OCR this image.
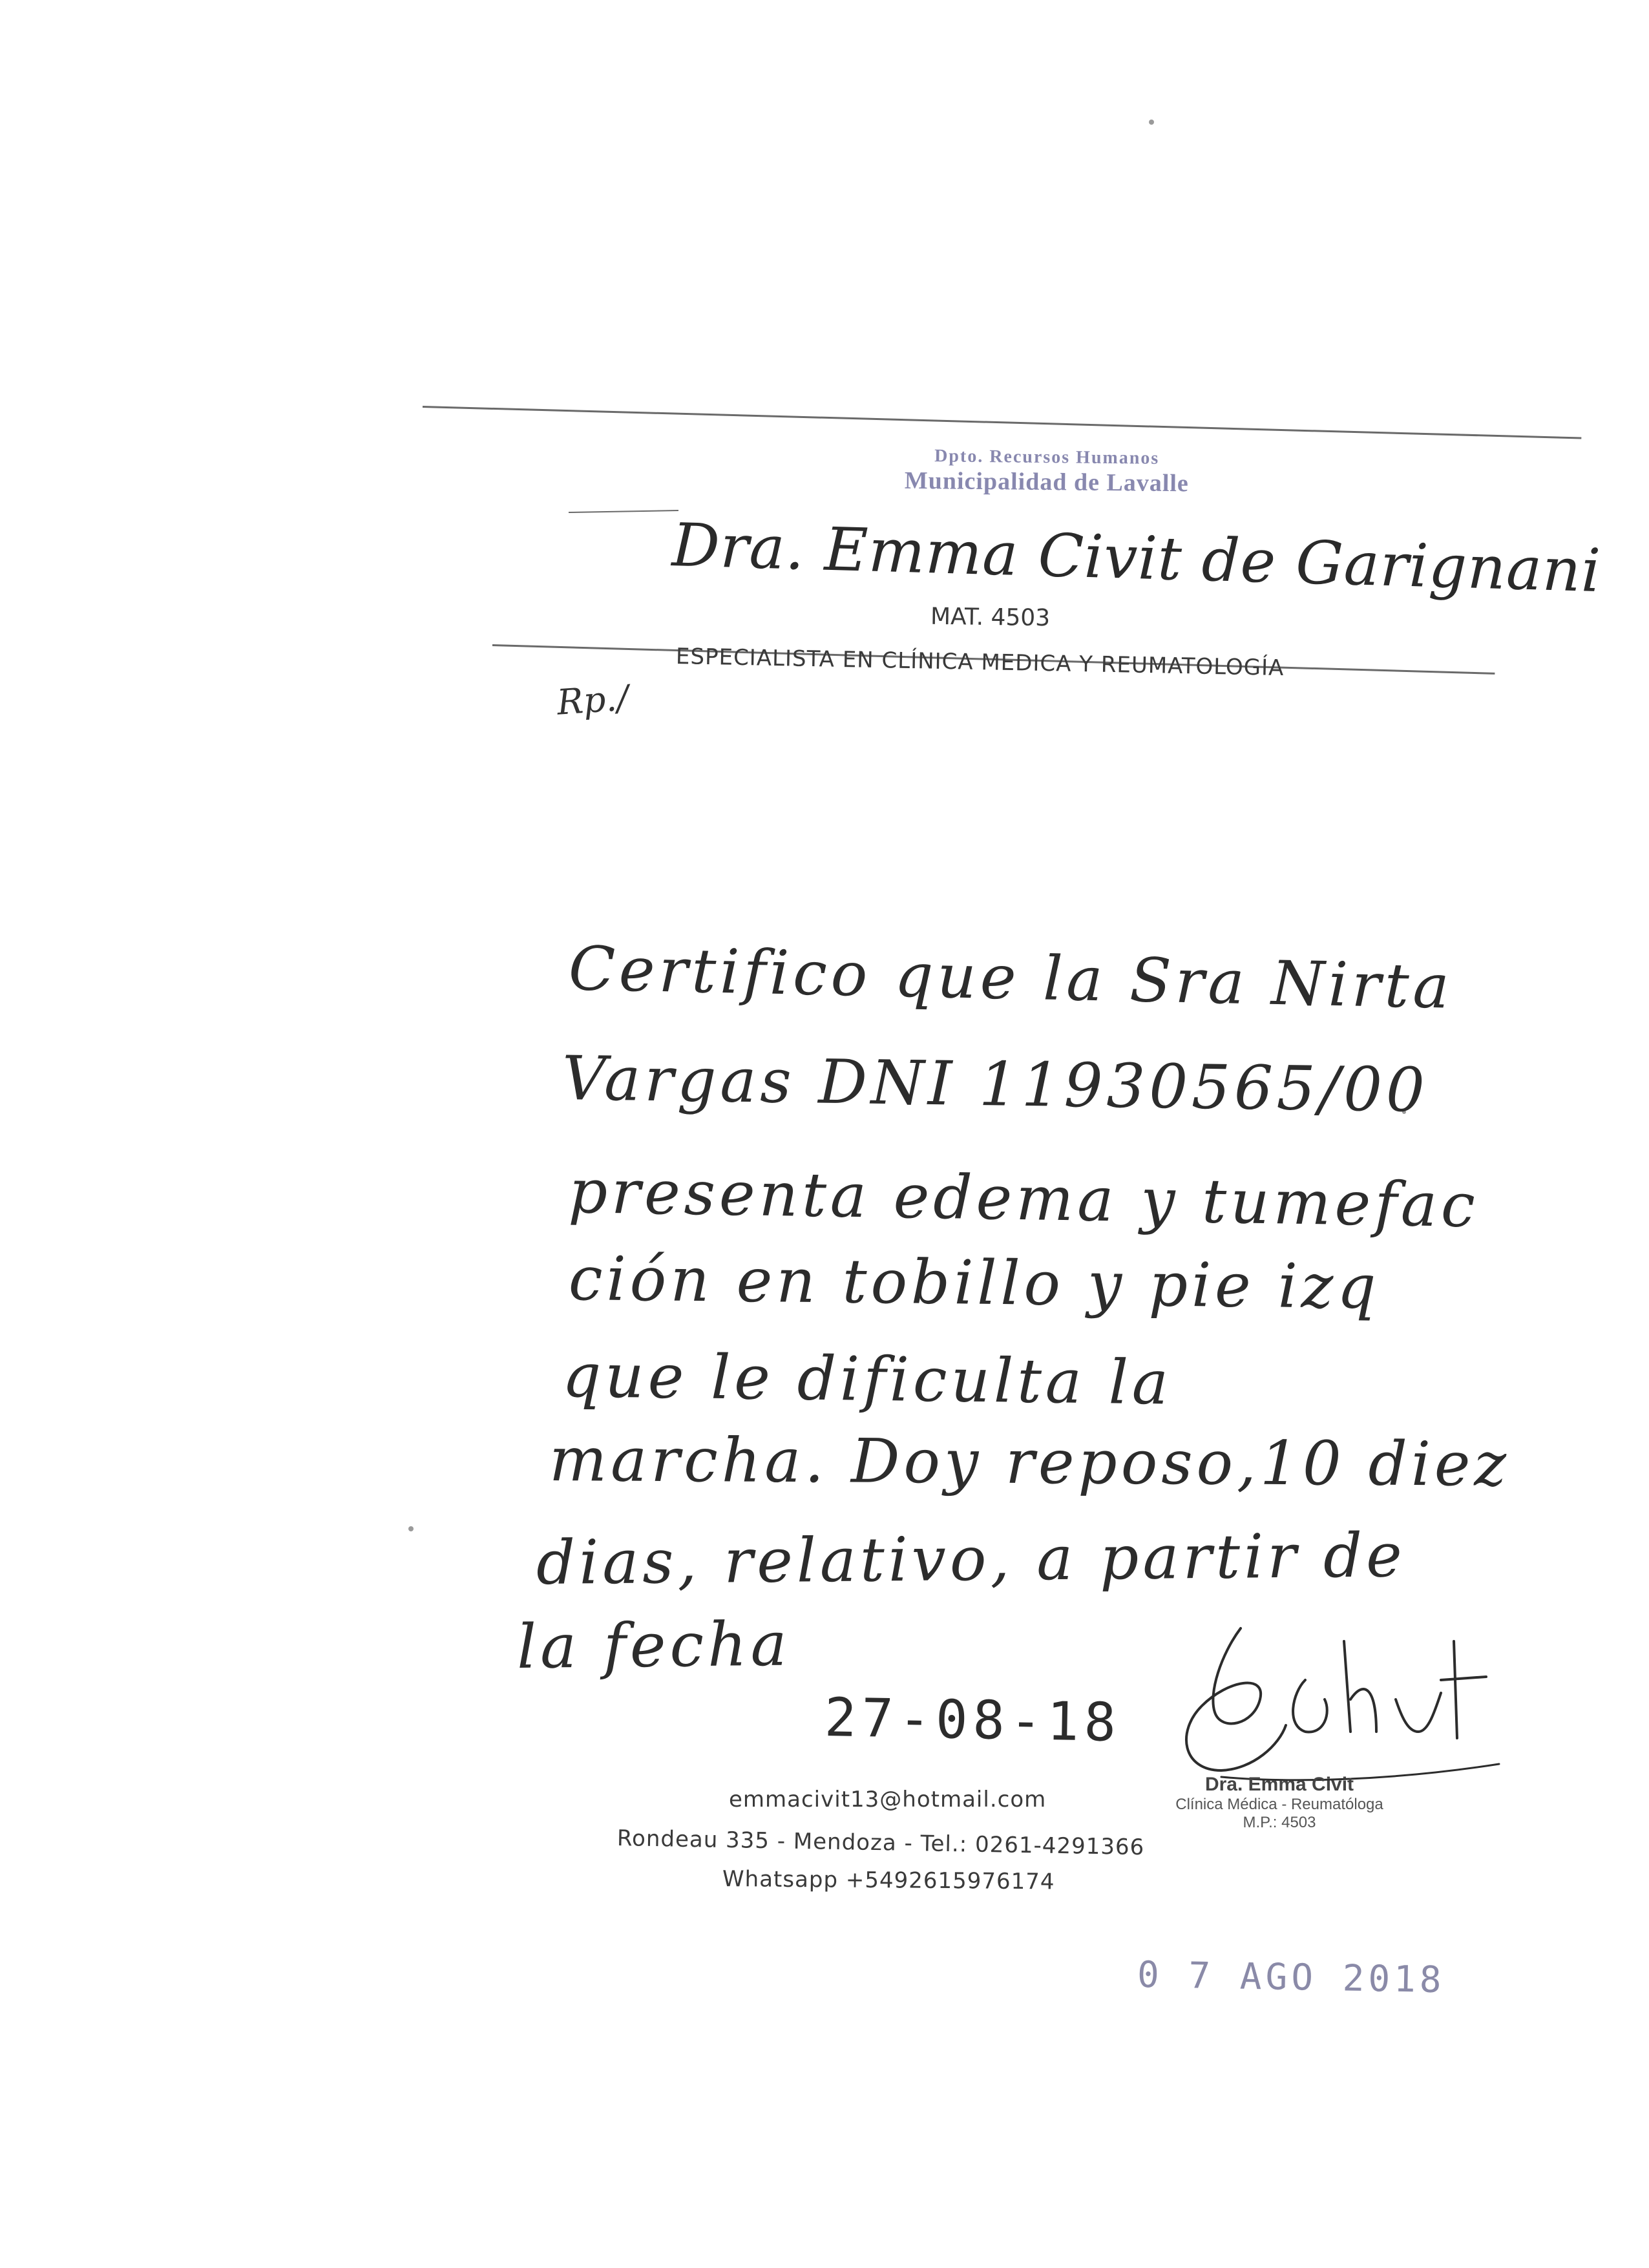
Dpto. Recursos Humanos
Municipalidad de Lavalle
Dra. Emma Civit de Garignani
MAT. 4503
ESPECIALISTA EN CLÍNICA MEDICA Y REUMATOLOGÍA
Rp./
Certifico que la Sra Nirta
Vargas DNI 11930565/00
presenta edema y tumefac
ción en tobillo y pie izq
que le dificulta la
marcha. Doy reposo,10 diez
dias, relativo, a partir de
la fecha
27-08-18
Dra. Emma Civit
Clínica Médica - Reumatóloga
M.P.: 4503
emmacivit13@hotmail.com
Rondeau 335 - Mendoza - Tel.: 0261-4291366
Whatsapp +5492615976174
0 7 AGO 2018
